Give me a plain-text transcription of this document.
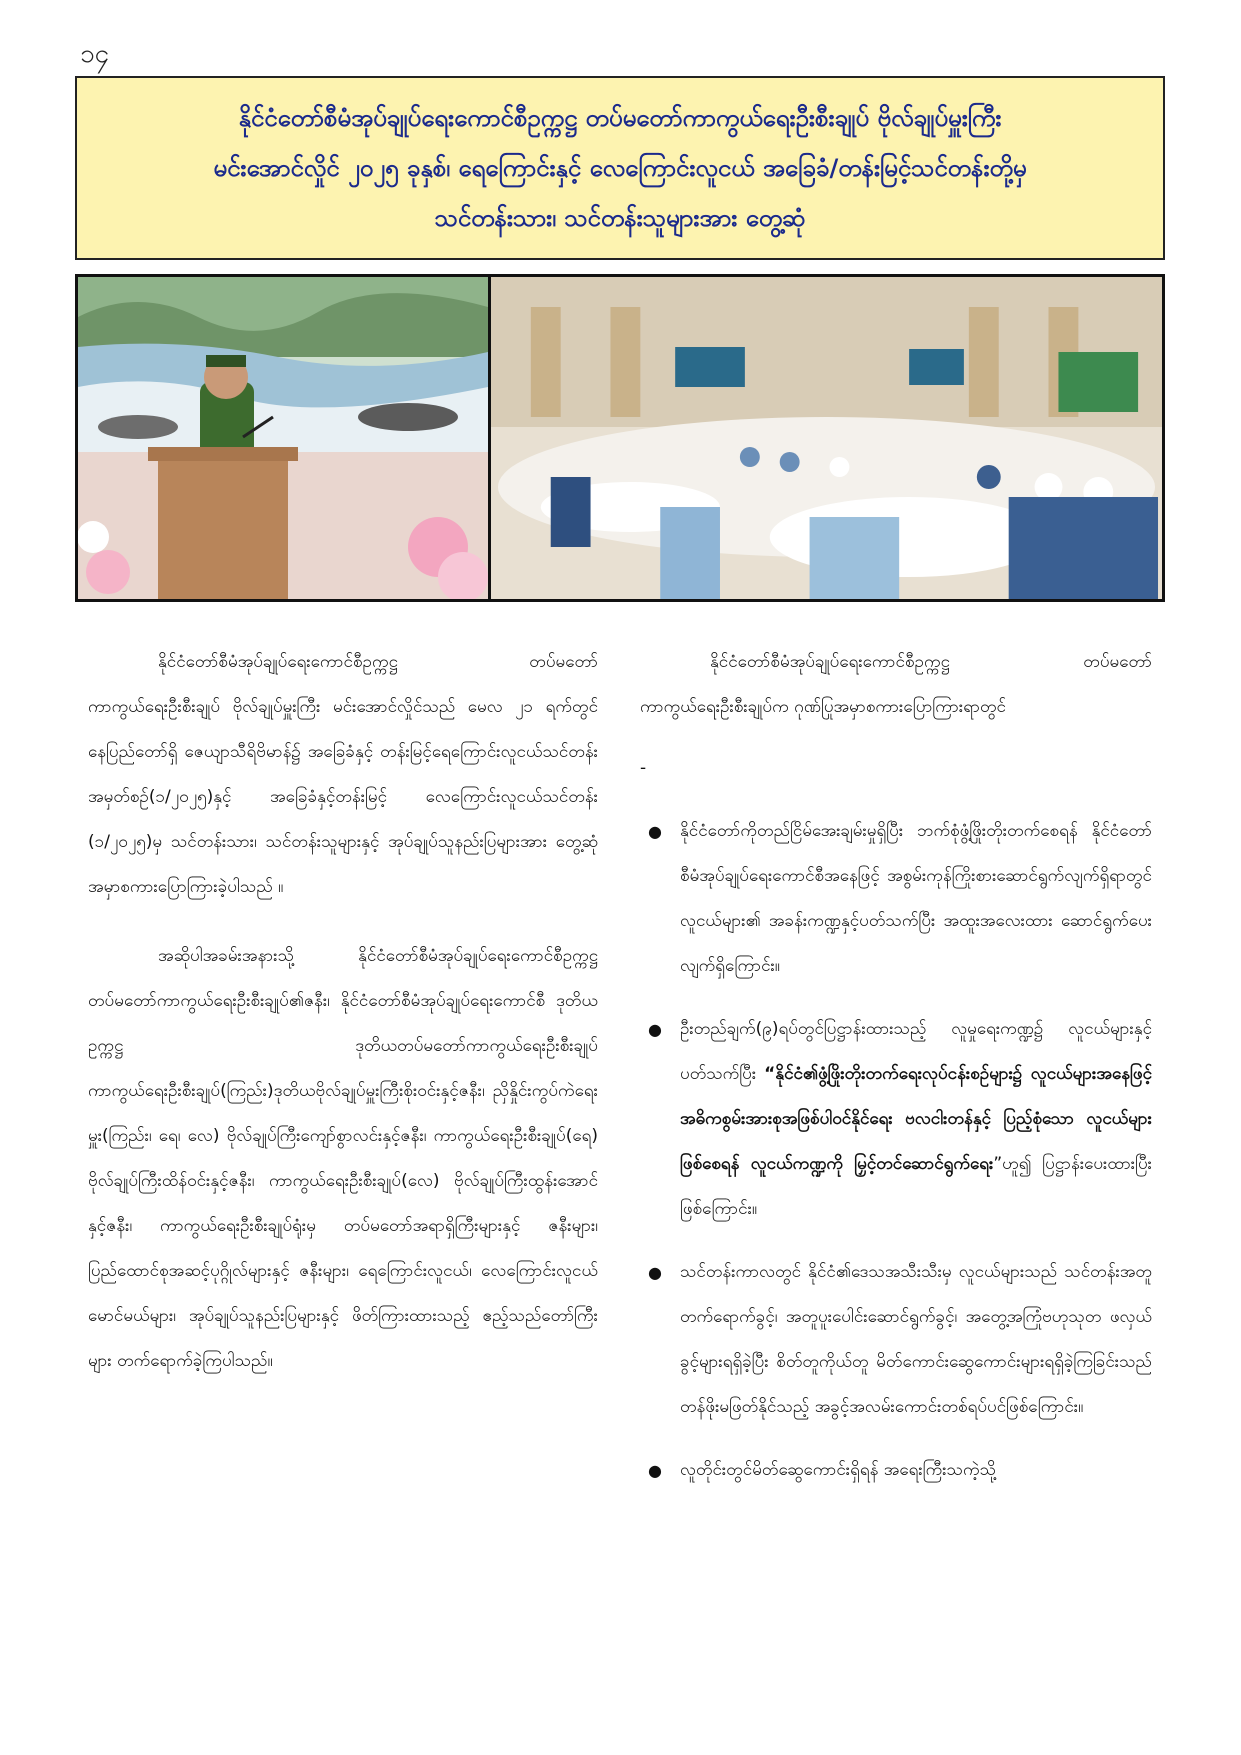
၁၄
နိုင်ငံတော်စီမံအုပ်ချုပ်ရေးကောင်စီဥက္ကဋ္ဌ တပ်မတော်ကာကွယ်ရေးဦးစီးချုပ် ဗိုလ်ချုပ်မှူးကြီး
မင်းအောင်လှိုင် ၂၀၂၅ ခုနှစ်၊ ရေကြောင်းနှင့် လေကြောင်းလူငယ် အခြေခံ/တန်းမြင့်သင်တန်းတို့မှ
သင်တန်းသား၊ သင်တန်းသူများအား တွေ့ဆုံ

နိုင်ငံတော်စီမံအုပ်ချုပ်ရေးကောင်စီဥက္ကဋ္ဌ တပ်မတော်ကာကွယ်ရေးဦးစီးချုပ် ဗိုလ်ချုပ်မှူးကြီး မင်းအောင်လှိုင်သည် မေလ ၂၁ ရက်တွင် နေပြည်တော်ရှိ ဇေယျာသီရိဗိမာန်၌ အခြေခံနှင့် တန်းမြင့်ရေကြောင်းလူငယ်သင်တန်းအမှတ်စဉ်(၁/၂၀၂၅)နှင့် အခြေခံနှင့်တန်းမြင့် လေကြောင်းလူငယ်သင်တန်း (၁/၂၀၂၅)မှ သင်တန်းသား၊ သင်တန်းသူများနှင့် အုပ်ချုပ်သူနည်းပြများအား တွေ့ဆုံအမှာစကားပြောကြားခဲ့ပါသည် ။

အဆိုပါအခမ်းအနားသို့ နိုင်ငံတော်စီမံအုပ်ချုပ်ရေးကောင်စီဥက္ကဋ္ဌ တပ်မတော်ကာကွယ်ရေးဦးစီးချုပ်၏ဇနီး၊ နိုင်ငံတော်စီမံအုပ်ချုပ်ရေးကောင်စီ ဒုတိယဥက္ကဋ္ဌ ဒုတိယတပ်မတော်ကာကွယ်ရေးဦးစီးချုပ် ကာကွယ်ရေးဦးစီးချုပ်(ကြည်း)ဒုတိယဗိုလ်ချုပ်မှူးကြီးစိုးဝင်းနှင့်ဇနီး၊ ညှိနှိုင်းကွပ်ကဲရေးမှူး(ကြည်း၊ ရေ၊ လေ) ဗိုလ်ချုပ်ကြီးကျော်စွာလင်းနှင့်ဇနီး၊ ကာကွယ်ရေးဦးစီးချုပ်(ရေ) ဗိုလ်ချုပ်ကြီးထိန်ဝင်းနှင့်ဇနီး၊ ကာကွယ်ရေးဦးစီးချုပ်(လေ) ဗိုလ်ချုပ်ကြီးထွန်းအောင်နှင့်ဇနီး၊ ကာကွယ်ရေးဦးစီးချုပ်ရုံးမှ တပ်မတော်အရာရှိကြီးများနှင့် ဇနီးများ၊ ပြည်ထောင်စုအဆင့်ပုဂ္ဂိုလ်များနှင့် ဇနီးများ၊ ရေကြောင်းလူငယ်၊ လေကြောင်းလူငယ်မောင်မယ်များ၊ အုပ်ချုပ်သူနည်းပြများနှင့် ဖိတ်ကြားထားသည့် ဧည့်သည်တော်ကြီးများ တက်ရောက်ခဲ့ကြပါသည်။

နိုင်ငံတော်စီမံအုပ်ချုပ်ရေးကောင်စီဥက္ကဋ္ဌ တပ်မတော်ကာကွယ်ရေးဦးစီးချုပ်က ဂုဏ်ပြုအမှာစကားပြောကြားရာတွင်

-

● နိုင်ငံတော်ကိုတည်ငြိမ်အေးချမ်းမှုရှိပြီး ဘက်စုံဖွံ့ဖြိုးတိုးတက်စေရန် နိုင်ငံတော်စီမံအုပ်ချုပ်ရေးကောင်စီအနေဖြင့် အစွမ်းကုန်ကြိုးစားဆောင်ရွက်လျက်ရှိရာတွင် လူငယ်များ၏ အခန်းကဏ္ဍနှင့်ပတ်သက်ပြီး အထူးအလေးထား ဆောင်ရွက်ပေးလျက်ရှိကြောင်း။
● ဦးတည်ချက်(၉)ရပ်တွင်ပြဋ္ဌာန်းထားသည့် လူမှုရေးကဏ္ဍ၌ လူငယ်များနှင့်ပတ်သက်ပြီး “နိုင်ငံ၏ဖွံ့ဖြိုးတိုးတက်ရေးလုပ်ငန်းစဉ်များ၌ လူငယ်များအနေဖြင့် အဓိကစွမ်းအားစုအဖြစ်ပါဝင်နိုင်ရေး ဗလငါးတန်နှင့် ပြည့်စုံသော လူငယ်များဖြစ်စေရန် လူငယ်ကဏ္ဍကို မြှင့်တင်ဆောင်ရွက်ရေး”ဟူ၍ ပြဋ္ဌာန်းပေးထားပြီးဖြစ်ကြောင်း။
● သင်တန်းကာလတွင် နိုင်ငံ၏ဒေသအသီးသီးမှ လူငယ်များသည် သင်တန်းအတူ တက်ရောက်ခွင့်၊ အတူပူးပေါင်းဆောင်ရွက်ခွင့်၊ အတွေ့အကြုံဗဟုသုတ ဖလှယ်ခွင့်များရရှိခဲ့ပြီး စိတ်တူကိုယ်တူ မိတ်ကောင်းဆွေကောင်းများရရှိခဲ့ကြခြင်းသည် တန်ဖိုးမဖြတ်နိုင်သည့် အခွင့်အလမ်းကောင်းတစ်ရပ်ပင်ဖြစ်ကြောင်း။
● လူတိုင်းတွင်မိတ်ဆွေကောင်းရှိရန် အရေးကြီးသကဲ့သို့
